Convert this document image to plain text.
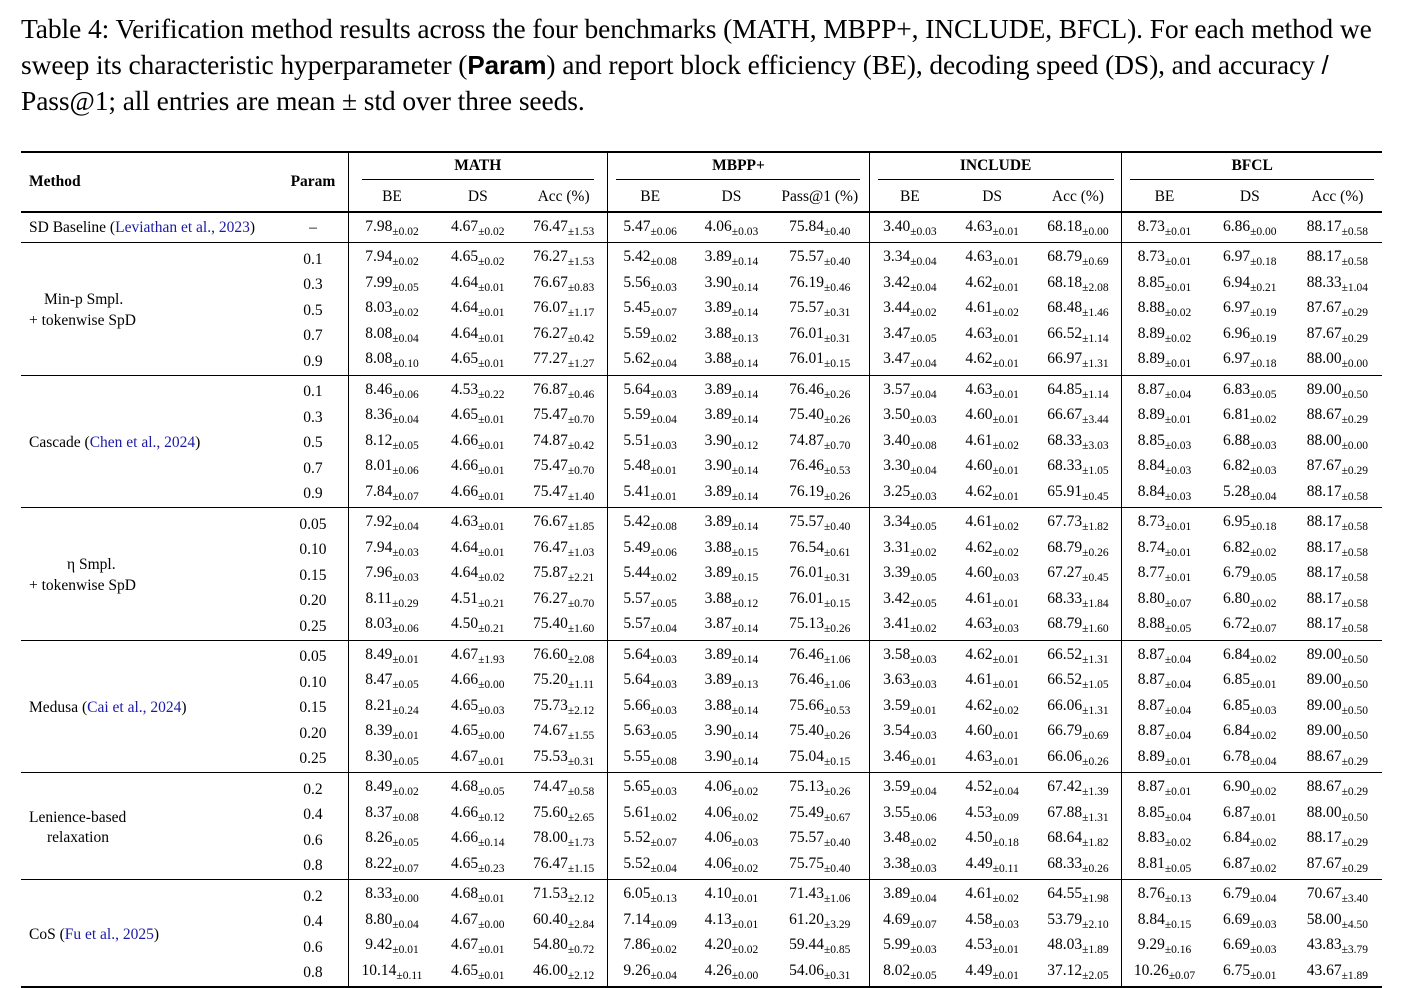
Table 4: Verification method results across the four benchmarks (MATH, MBPP+, INCLUDE, BFCL). For each method we sweep its characteristic hyperparameter (Param) and report block efficiency (BE), decoding speed (DS), and accuracy / Pass@1; all entries are mean ± std over three seeds.
Method	Param	MATH			MBPP+			INCLUDE			BFCL		
		BE	DS	Acc (%)	BE	DS	Pass@1 (%)	BE	DS	Acc (%)	BE	DS	Acc (%)
SD Baseline (Leviathan et al., 2023)	–	$7.98_{\pm 0.02}$	$4.67_{\pm 0.02}$	$76.47_{\pm 1.53}$	$5.47_{\pm 0.06}$	$4.06_{\pm 0.03}$	$75.84_{\pm 0.40}$	$3.40_{\pm 0.03}$	$4.63_{\pm 0.01}$	$68.18_{\pm 0.00}$	$8.73_{\pm 0.01}$	$6.86_{\pm 0.00}$	$88.17_{\pm 0.58}$

Min-p Smpl.
+ tokenwise SpD	0.1	$7.94_{\pm 0.02}$	$4.65_{\pm 0.02}$	$76.27_{\pm 1.53}$	$5.42_{\pm 0.08}$	$3.89_{\pm 0.14}$	$75.57_{\pm 0.40}$	$3.34_{\pm 0.04}$	$4.63_{\pm 0.01}$	$68.79_{\pm 0.69}$	$8.73_{\pm 0.01}$	$6.97_{\pm 0.18}$	$88.17_{\pm 0.58}$
	0.3	$7.99_{\pm 0.05}$	$4.64_{\pm 0.01}$	$76.67_{\pm 0.83}$	$5.56_{\pm 0.03}$	$3.90_{\pm 0.14}$	$76.19_{\pm 0.46}$	$3.42_{\pm 0.04}$	$4.62_{\pm 0.01}$	$68.18_{\pm 2.08}$	$8.85_{\pm 0.01}$	$6.94_{\pm 0.21}$	$88.33_{\pm 1.04}$
	0.5	$8.03_{\pm 0.02}$	$4.64_{\pm 0.01}$	$76.07_{\pm 1.17}$	$5.45_{\pm 0.07}$	$3.89_{\pm 0.14}$	$75.57_{\pm 0.31}$	$3.44_{\pm 0.02}$	$4.61_{\pm 0.02}$	$68.48_{\pm 1.46}$	$8.88_{\pm 0.02}$	$6.97_{\pm 0.19}$	$87.67_{\pm 0.29}$
	0.7	$8.08_{\pm 0.04}$	$4.64_{\pm 0.01}$	$76.27_{\pm 0.42}$	$5.59_{\pm 0.02}$	$3.88_{\pm 0.13}$	$76.01_{\pm 0.31}$	$3.47_{\pm 0.05}$	$4.63_{\pm 0.01}$	$66.52_{\pm 1.14}$	$8.89_{\pm 0.02}$	$6.96_{\pm 0.19}$	$87.67_{\pm 0.29}$
	0.9	$8.08_{\pm 0.10}$	$4.65_{\pm 0.01}$	$77.27_{\pm 1.27}$	$5.62_{\pm 0.04}$	$3.88_{\pm 0.14}$	$76.01_{\pm 0.15}$	$3.47_{\pm 0.04}$	$4.62_{\pm 0.01}$	$66.97_{\pm 1.31}$	$8.89_{\pm 0.01}$	$6.97_{\pm 0.18}$	$88.00_{\pm 0.00}$

Cascade (Chen et al., 2024)	0.1	$8.46_{\pm 0.06}$	$4.53_{\pm 0.22}$	$76.87_{\pm 0.46}$	$5.64_{\pm 0.03}$	$3.89_{\pm 0.14}$	$76.46_{\pm 0.26}$	$3.57_{\pm 0.04}$	$4.63_{\pm 0.01}$	$64.85_{\pm 1.14}$	$8.87_{\pm 0.04}$	$6.83_{\pm 0.05}$	$89.00_{\pm 0.50}$
	0.3	$8.36_{\pm 0.04}$	$4.65_{\pm 0.01}$	$75.47_{\pm 0.70}$	$5.59_{\pm 0.04}$	$3.89_{\pm 0.14}$	$75.40_{\pm 0.26}$	$3.50_{\pm 0.03}$	$4.60_{\pm 0.01}$	$66.67_{\pm 3.44}$	$8.89_{\pm 0.01}$	$6.81_{\pm 0.02}$	$88.67_{\pm 0.29}$
	0.5	$8.12_{\pm 0.05}$	$4.66_{\pm 0.01}$	$74.87_{\pm 0.42}$	$5.51_{\pm 0.03}$	$3.90_{\pm 0.12}$	$74.87_{\pm 0.70}$	$3.40_{\pm 0.08}$	$4.61_{\pm 0.02}$	$68.33_{\pm 3.03}$	$8.85_{\pm 0.03}$	$6.88_{\pm 0.03}$	$88.00_{\pm 0.00}$
	0.7	$8.01_{\pm 0.06}$	$4.66_{\pm 0.01}$	$75.47_{\pm 0.70}$	$5.48_{\pm 0.01}$	$3.90_{\pm 0.14}$	$76.46_{\pm 0.53}$	$3.30_{\pm 0.04}$	$4.60_{\pm 0.01}$	$68.33_{\pm 1.05}$	$8.84_{\pm 0.03}$	$6.82_{\pm 0.03}$	$87.67_{\pm 0.29}$
	0.9	$7.84_{\pm 0.07}$	$4.66_{\pm 0.01}$	$75.47_{\pm 1.40}$	$5.41_{\pm 0.01}$	$3.89_{\pm 0.14}$	$76.19_{\pm 0.26}$	$3.25_{\pm 0.03}$	$4.62_{\pm 0.01}$	$65.91_{\pm 0.45}$	$8.84_{\pm 0.03}$	$5.28_{\pm 0.04}$	$88.17_{\pm 0.58}$

η Smpl.
+ tokenwise SpD	0.05	$7.92_{\pm 0.04}$	$4.63_{\pm 0.01}$	$76.67_{\pm 1.85}$	$5.42_{\pm 0.08}$	$3.89_{\pm 0.14}$	$75.57_{\pm 0.40}$	$3.34_{\pm 0.05}$	$4.61_{\pm 0.02}$	$67.73_{\pm 1.82}$	$8.73_{\pm 0.01}$	$6.95_{\pm 0.18}$	$88.17_{\pm 0.58}$
	0.10	$7.94_{\pm 0.03}$	$4.64_{\pm 0.01}$	$76.47_{\pm 1.03}$	$5.49_{\pm 0.06}$	$3.88_{\pm 0.15}$	$76.54_{\pm 0.61}$	$3.31_{\pm 0.02}$	$4.62_{\pm 0.02}$	$68.79_{\pm 0.26}$	$8.74_{\pm 0.01}$	$6.82_{\pm 0.02}$	$88.17_{\pm 0.58}$
	0.15	$7.96_{\pm 0.03}$	$4.64_{\pm 0.02}$	$75.87_{\pm 2.21}$	$5.44_{\pm 0.02}$	$3.89_{\pm 0.15}$	$76.01_{\pm 0.31}$	$3.39_{\pm 0.05}$	$4.60_{\pm 0.03}$	$67.27_{\pm 0.45}$	$8.77_{\pm 0.01}$	$6.79_{\pm 0.05}$	$88.17_{\pm 0.58}$
	0.20	$8.11_{\pm 0.29}$	$4.51_{\pm 0.21}$	$76.27_{\pm 0.70}$	$5.57_{\pm 0.05}$	$3.88_{\pm 0.12}$	$76.01_{\pm 0.15}$	$3.42_{\pm 0.05}$	$4.61_{\pm 0.01}$	$68.33_{\pm 1.84}$	$8.80_{\pm 0.07}$	$6.80_{\pm 0.02}$	$88.17_{\pm 0.58}$
	0.25	$8.03_{\pm 0.06}$	$4.50_{\pm 0.21}$	$75.40_{\pm 1.60}$	$5.57_{\pm 0.04}$	$3.87_{\pm 0.14}$	$75.13_{\pm 0.26}$	$3.41_{\pm 0.02}$	$4.63_{\pm 0.03}$	$68.79_{\pm 1.60}$	$8.88_{\pm 0.05}$	$6.72_{\pm 0.07}$	$88.17_{\pm 0.58}$

Medusa (Cai et al., 2024)	0.05	$8.49_{\pm 0.01}$	$4.67_{\pm 1.93}$	$76.60_{\pm 2.08}$	$5.64_{\pm 0.03}$	$3.89_{\pm 0.14}$	$76.46_{\pm 1.06}$	$3.58_{\pm 0.03}$	$4.62_{\pm 0.01}$	$66.52_{\pm 1.31}$	$8.87_{\pm 0.04}$	$6.84_{\pm 0.02}$	$89.00_{\pm 0.50}$
	0.10	$8.47_{\pm 0.05}$	$4.66_{\pm 0.00}$	$75.20_{\pm 1.11}$	$5.64_{\pm 0.03}$	$3.89_{\pm 0.13}$	$76.46_{\pm 1.06}$	$3.63_{\pm 0.03}$	$4.61_{\pm 0.01}$	$66.52_{\pm 1.05}$	$8.87_{\pm 0.04}$	$6.85_{\pm 0.01}$	$89.00_{\pm 0.50}$
	0.15	$8.21_{\pm 0.24}$	$4.65_{\pm 0.03}$	$75.73_{\pm 2.12}$	$5.66_{\pm 0.03}$	$3.88_{\pm 0.14}$	$75.66_{\pm 0.53}$	$3.59_{\pm 0.01}$	$4.62_{\pm 0.02}$	$66.06_{\pm 1.31}$	$8.87_{\pm 0.04}$	$6.85_{\pm 0.03}$	$89.00_{\pm 0.50}$
	0.20	$8.39_{\pm 0.01}$	$4.65_{\pm 0.00}$	$74.67_{\pm 1.55}$	$5.63_{\pm 0.05}$	$3.90_{\pm 0.14}$	$75.40_{\pm 0.26}$	$3.54_{\pm 0.03}$	$4.60_{\pm 0.01}$	$66.79_{\pm 0.69}$	$8.87_{\pm 0.04}$	$6.84_{\pm 0.02}$	$89.00_{\pm 0.50}$
	0.25	$8.30_{\pm 0.05}$	$4.67_{\pm 0.01}$	$75.53_{\pm 0.31}$	$5.55_{\pm 0.08}$	$3.90_{\pm 0.14}$	$75.04_{\pm 0.15}$	$3.46_{\pm 0.01}$	$4.63_{\pm 0.01}$	$66.06_{\pm 0.26}$	$8.89_{\pm 0.01}$	$6.78_{\pm 0.04}$	$88.67_{\pm 0.29}$

Lenience-based
relaxation	0.2	$8.49_{\pm 0.02}$	$4.68_{\pm 0.05}$	$74.47_{\pm 0.58}$	$5.65_{\pm 0.03}$	$4.06_{\pm 0.02}$	$75.13_{\pm 0.26}$	$3.59_{\pm 0.04}$	$4.52_{\pm 0.04}$	$67.42_{\pm 1.39}$	$8.87_{\pm 0.01}$	$6.90_{\pm 0.02}$	$88.67_{\pm 0.29}$
	0.4	$8.37_{\pm 0.08}$	$4.66_{\pm 0.12}$	$75.60_{\pm 2.65}$	$5.61_{\pm 0.02}$	$4.06_{\pm 0.02}$	$75.49_{\pm 0.67}$	$3.55_{\pm 0.06}$	$4.53_{\pm 0.09}$	$67.88_{\pm 1.31}$	$8.85_{\pm 0.04}$	$6.87_{\pm 0.01}$	$88.00_{\pm 0.50}$
	0.6	$8.26_{\pm 0.05}$	$4.66_{\pm 0.14}$	$78.00_{\pm 1.73}$	$5.52_{\pm 0.07}$	$4.06_{\pm 0.03}$	$75.57_{\pm 0.40}$	$3.48_{\pm 0.02}$	$4.50_{\pm 0.18}$	$68.64_{\pm 1.82}$	$8.83_{\pm 0.02}$	$6.84_{\pm 0.02}$	$88.17_{\pm 0.29}$
	0.8	$8.22_{\pm 0.07}$	$4.65_{\pm 0.23}$	$76.47_{\pm 1.15}$	$5.52_{\pm 0.04}$	$4.06_{\pm 0.02}$	$75.75_{\pm 0.40}$	$3.38_{\pm 0.03}$	$4.49_{\pm 0.11}$	$68.33_{\pm 0.26}$	$8.81_{\pm 0.05}$	$6.87_{\pm 0.02}$	$87.67_{\pm 0.29}$

CoS (Fu et al., 2025)	0.2	$8.33_{\pm 0.00}$	$4.68_{\pm 0.01}$	$71.53_{\pm 2.12}$	$6.05_{\pm 0.13}$	$4.10_{\pm 0.01}$	$71.43_{\pm 1.06}$	$3.89_{\pm 0.04}$	$4.61_{\pm 0.02}$	$64.55_{\pm 1.98}$	$8.76_{\pm 0.13}$	$6.79_{\pm 0.04}$	$70.67_{\pm 3.40}$
	0.4	$8.80_{\pm 0.04}$	$4.67_{\pm 0.00}$	$60.40_{\pm 2.84}$	$7.14_{\pm 0.09}$	$4.13_{\pm 0.01}$	$61.20_{\pm 3.29}$	$4.69_{\pm 0.07}$	$4.58_{\pm 0.03}$	$53.79_{\pm 2.10}$	$8.84_{\pm 0.15}$	$6.69_{\pm 0.03}$	$58.00_{\pm 4.50}$
	0.6	$9.42_{\pm 0.01}$	$4.67_{\pm 0.01}$	$54.80_{\pm 0.72}$	$7.86_{\pm 0.02}$	$4.20_{\pm 0.02}$	$59.44_{\pm 0.85}$	$5.99_{\pm 0.03}$	$4.53_{\pm 0.01}$	$48.03_{\pm 1.89}$	$9.29_{\pm 0.16}$	$6.69_{\pm 0.03}$	$43.83_{\pm 3.79}$
	0.8	$10.14_{\pm 0.11}$	$4.65_{\pm 0.01}$	$46.00_{\pm 2.12}$	$9.26_{\pm 0.04}$	$4.26_{\pm 0.00}$	$54.06_{\pm 0.31}$	$8.02_{\pm 0.05}$	$4.49_{\pm 0.01}$	$37.12_{\pm 2.05}$	$10.26_{\pm 0.07}$	$6.75_{\pm 0.01}$	$43.67_{\pm 1.89}$
